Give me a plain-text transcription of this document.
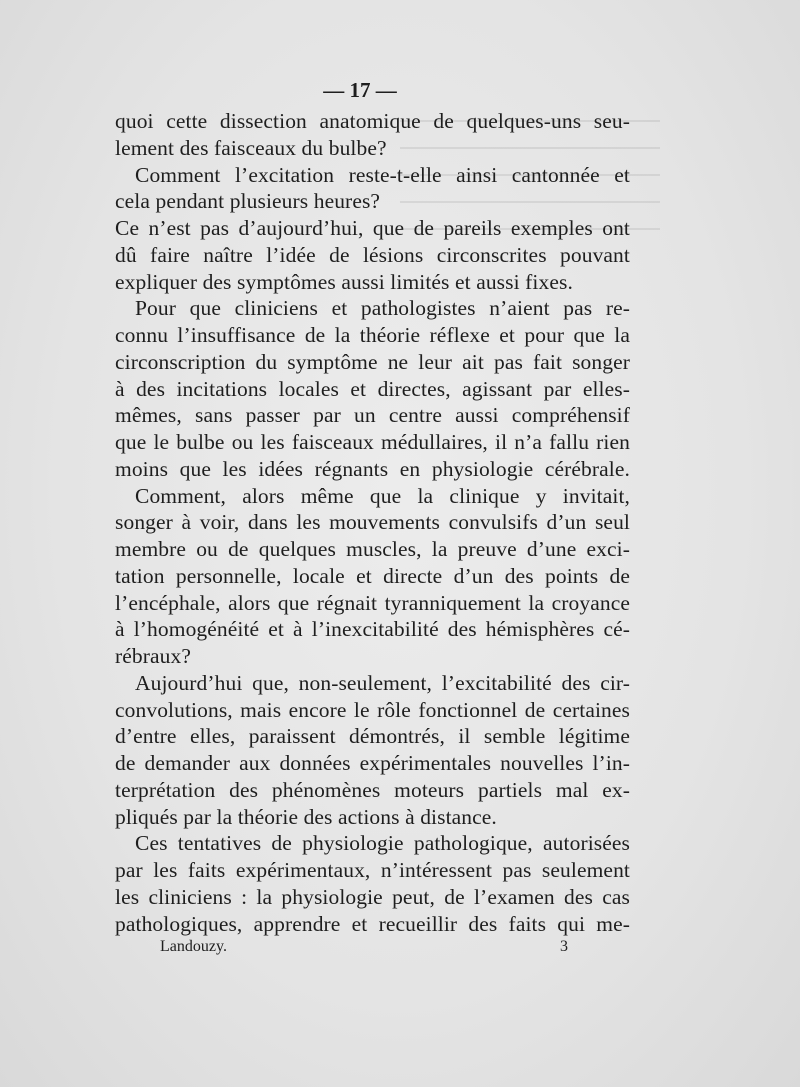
— 17 —
quoi cette dissection anatomique de quelques-uns seu-
lement des faisceaux du bulbe?
Comment l’excitation reste-t-elle ainsi cantonnée et
cela pendant plusieurs heures?
Ce n’est pas d’aujourd’hui, que de pareils exemples ont
dû faire naître l’idée de lésions circonscrites pouvant
expliquer des symptômes aussi limités et aussi fixes.
Pour que cliniciens et pathologistes n’aient pas re-
connu l’insuffisance de la théorie réflexe et pour que la
circonscription du symptôme ne leur ait pas fait songer
à des incitations locales et directes, agissant par elles-
mêmes, sans passer par un centre aussi compréhensif
que le bulbe ou les faisceaux médullaires, il n’a fallu rien
moins que les idées régnants en physiologie cérébrale.
Comment, alors même que la clinique y invitait,
songer à voir, dans les mouvements convulsifs d’un seul
membre ou de quelques muscles, la preuve d’une exci-
tation personnelle, locale et directe d’un des points de
l’encéphale, alors que régnait tyranniquement la croyance
à l’homogénéité et à l’inexcitabilité des hémisphères cé-
rébraux?
Aujourd’hui que, non-seulement, l’excitabilité des cir-
convolutions, mais encore le rôle fonctionnel de certaines
d’entre elles, paraissent démontrés, il semble légitime
de demander aux données expérimentales nouvelles l’in-
terprétation des phénomènes moteurs partiels mal ex-
pliqués par la théorie des actions à distance.
Ces tentatives de physiologie pathologique, autorisées
par les faits expérimentaux, n’intéressent pas seulement
les cliniciens : la physiologie peut, de l’examen des cas
pathologiques, apprendre et recueillir des faits qui me-
Landouzy.	3
